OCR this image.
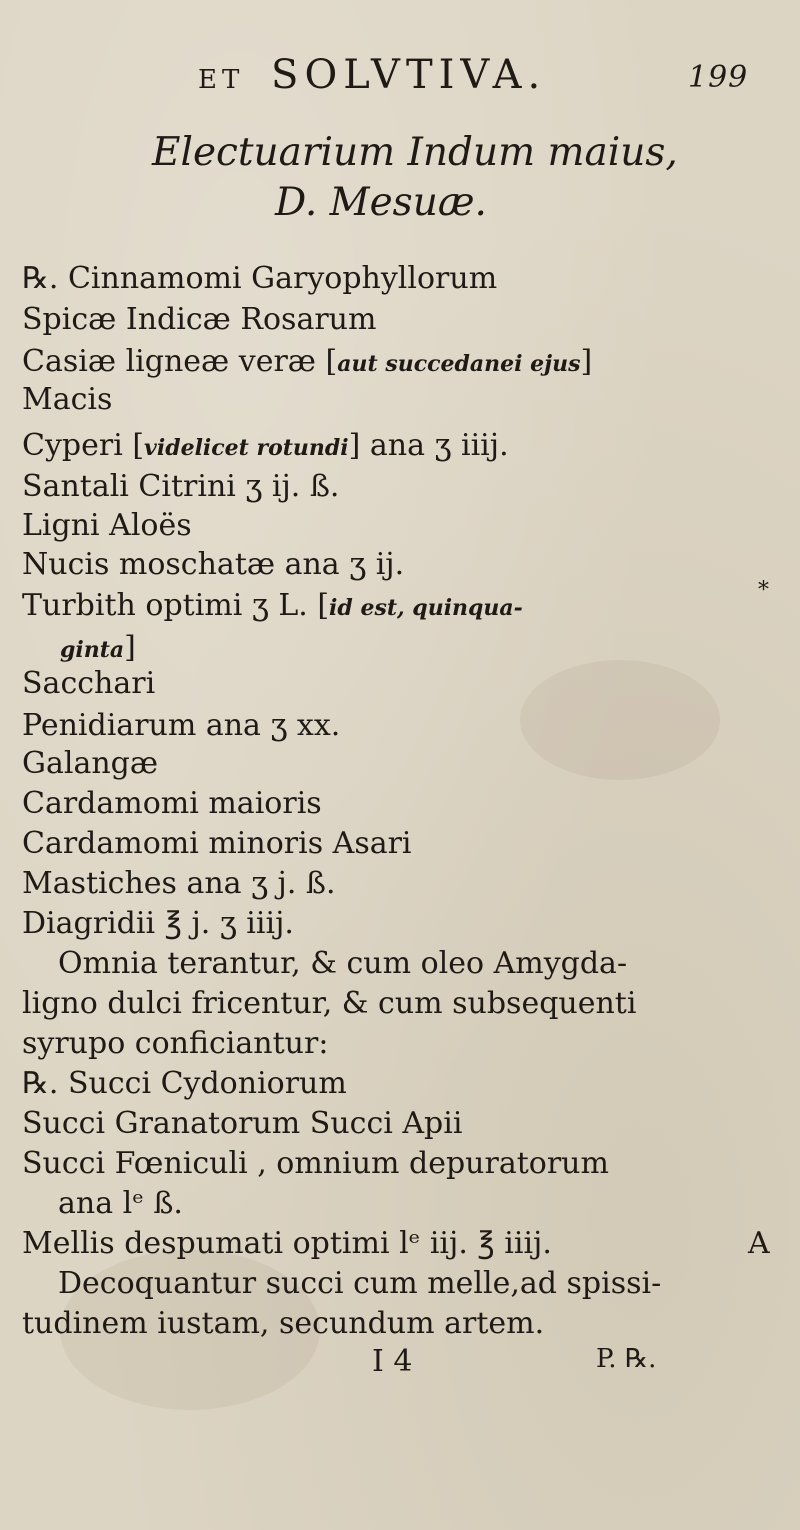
ET SOLVTIVA.	199
Electuarium Indum maius,
D. Mesuæ.
℞. Cinnamomi Garyophyllorum
Spicæ Indicæ Rosarum
Casiæ ligneæ veræ [aut succedanei ejus]
Macis
Cyperi [videlicet rotundi] ana ʒ iiij.
Santali Citrini ʒ ij. ß.
Ligni Aloës
Nucis moschatæ ana ʒ ij.
Turbith optimi ʒ L. [id est, quinqua-
*
ginta]
Sacchari
Penidiarum ana ʒ xx.
Galangæ
Cardamomi maioris
Cardamomi minoris Asari
Mastiches ana ʒ j. ß.
Diagridii ℥ j. ʒ iiij.
Omnia terantur, & cum oleo Amygda-
ligno dulci fricentur, & cum subsequenti
syrupo conficiantur:
℞. Succi Cydoniorum
Succi Granatorum Succi Apii
Succi Fœniculi , omnium depuratorum
ana lᵉ ß.
Mellis despumati optimi lᵉ iij. ℥ iiij.	A
Decoquantur succi cum melle,ad spissi-
tudinem iustam, secundum artem.
I 4	P. ℞.
